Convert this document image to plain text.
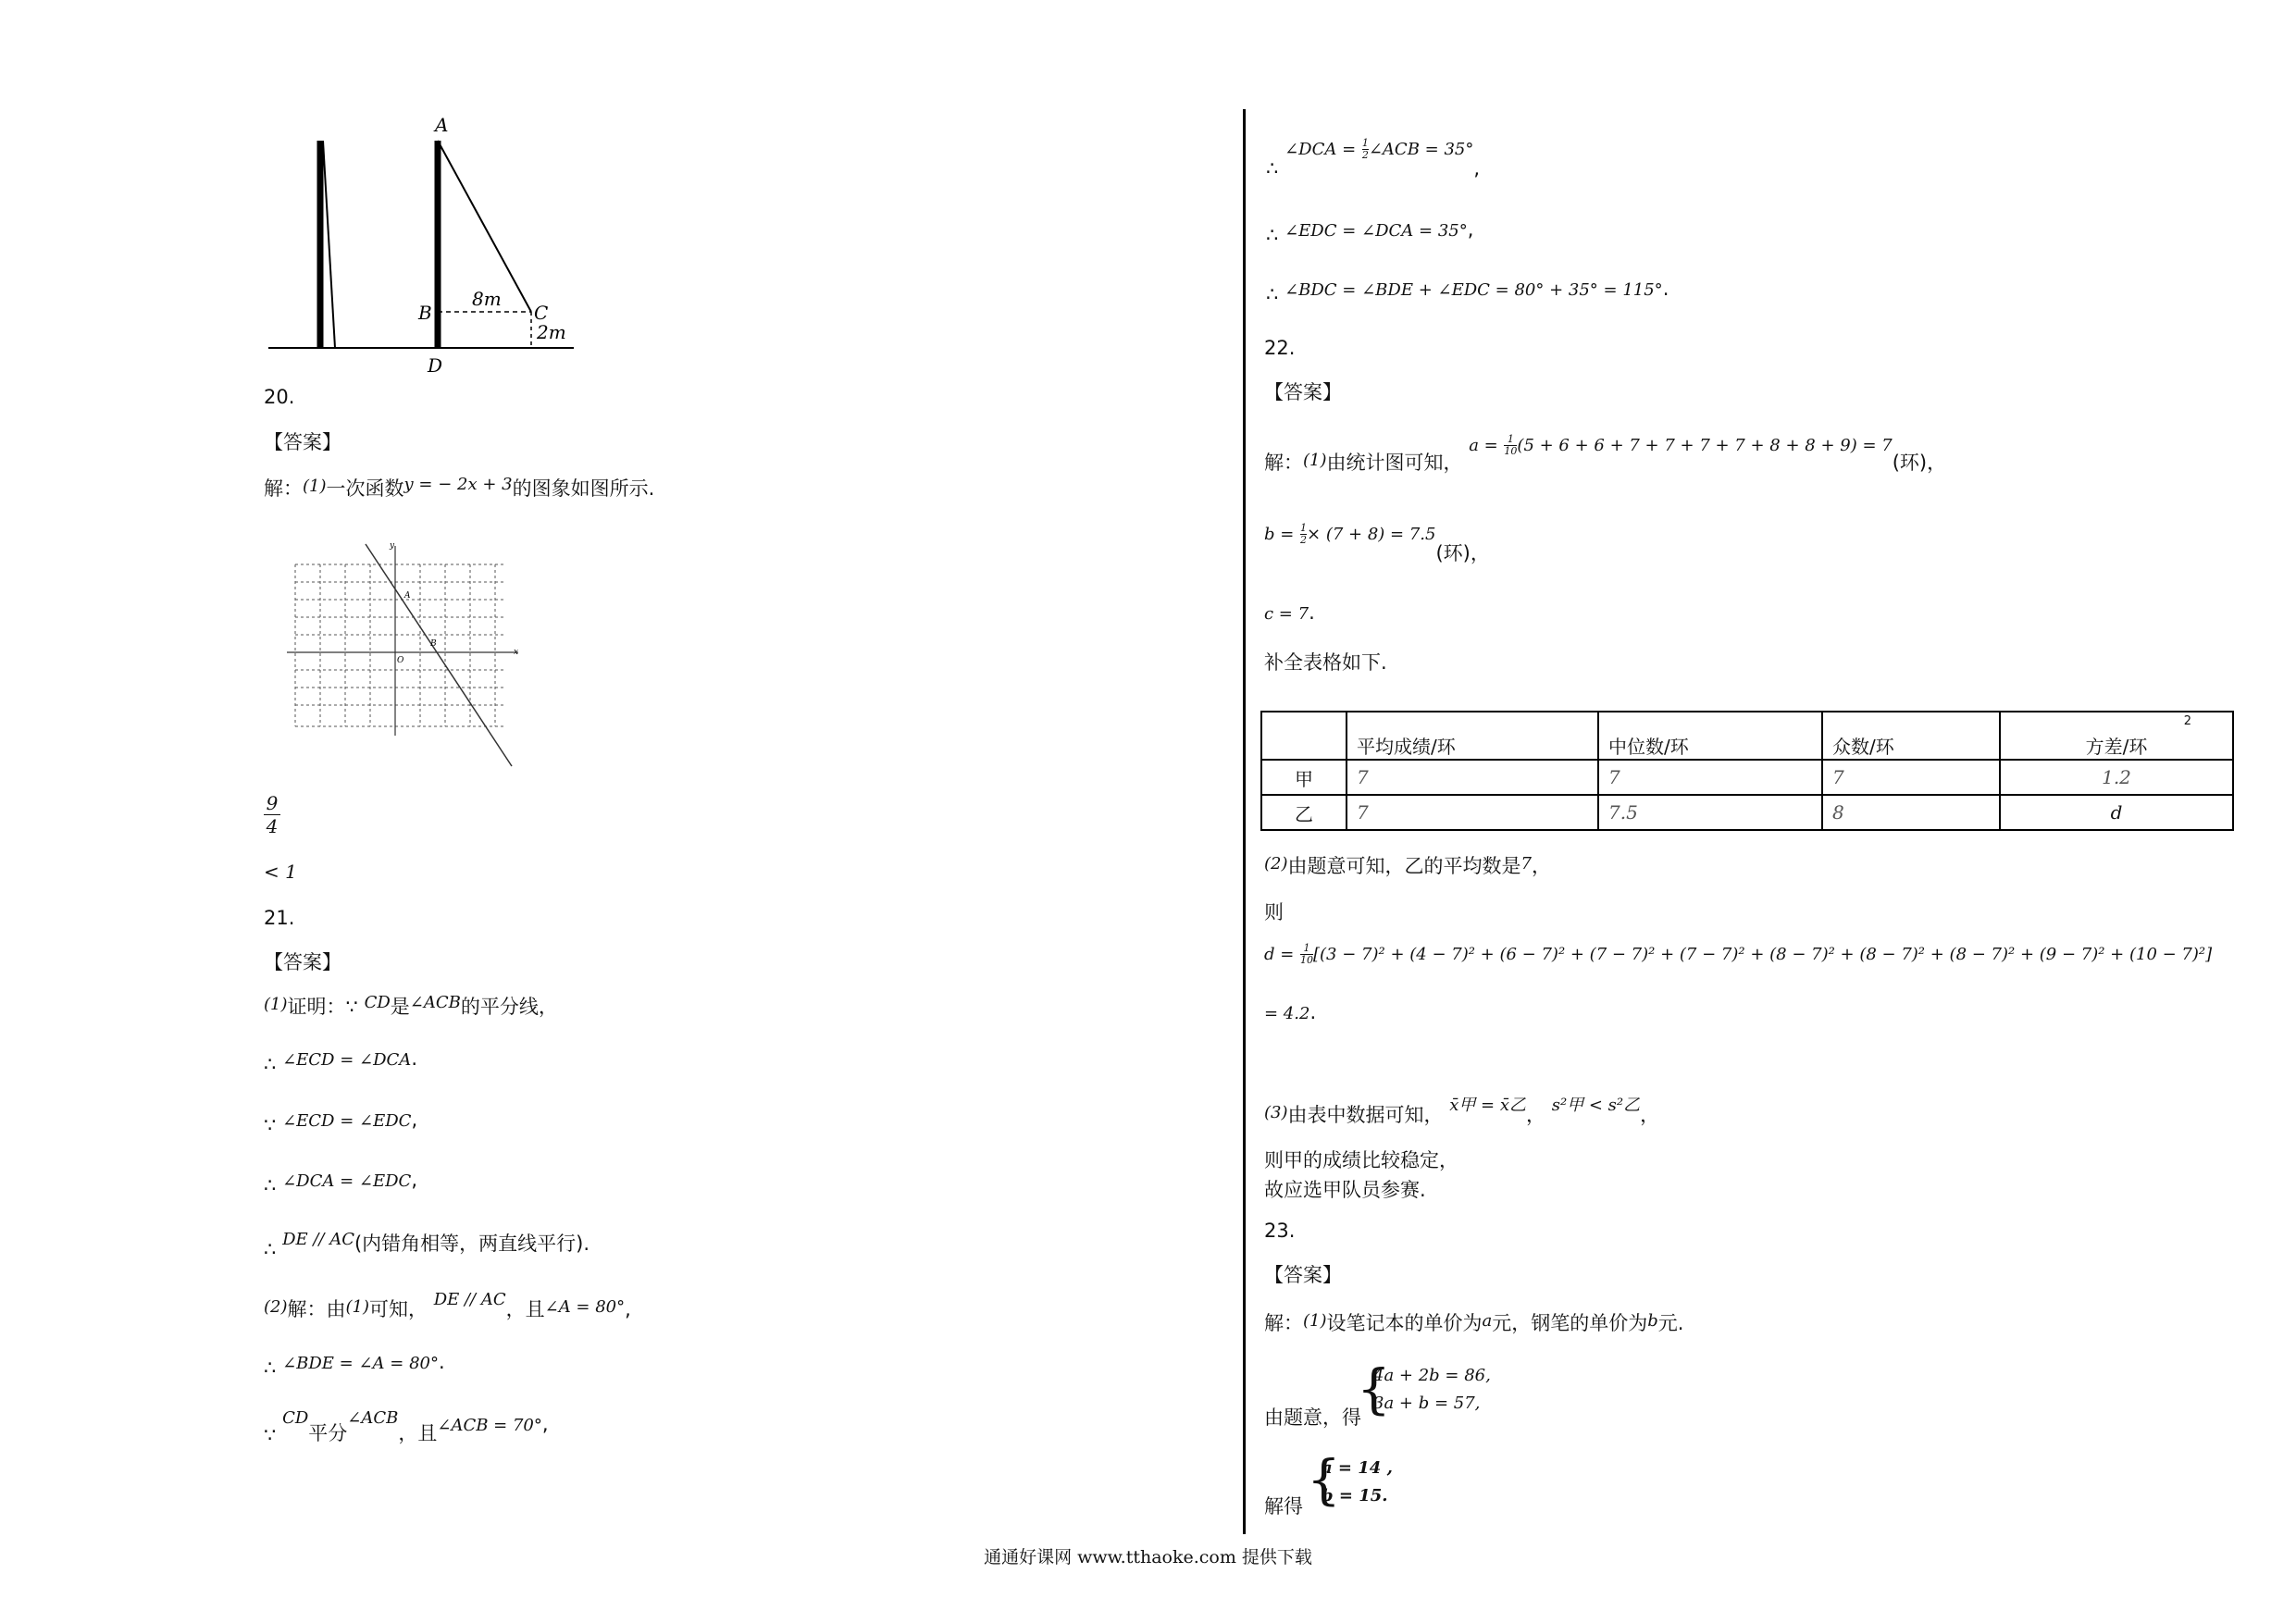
A
B
8m
C
2m
D
20.
【答案】
解：(1)一次函数y = − 2x + 3的图象如图所示.
y
x
O
A
B
9
4
< 1
21.
【答案】
(1)证明：∵ CD是∠ACB的平分线，
∴ ∠ECD = ∠DCA.
∵ ∠ECD = ∠EDC,
∴ ∠DCA = ∠EDC,
∴ DE // AC(内错角相等，两直线平行).
(2)解：由(1)可知， DE // AC，且∠A = 80°,
∴ ∠BDE = ∠A = 80°.
∵ CD平分∠ACB，且∠ACB = 70°,
∴ ∠DCA = $\frac{1}{2}$ ∠ACB = 35°,
∴ ∠EDC = ∠DCA = 35°,
∴ ∠BDC = ∠BDE + ∠EDC = 80° + 35° = 115°.
22.
【答案】
解：(1)由统计图可知， $a = \frac{1}{10} (5 + 6 + 6 + 7 + 7 + 7 + 7 + 8 + 8 + 9) = 7$(环)，
$b = \frac{1}{2} \times (7 + 8) = 7.5$(环)，
c = 7.
补全表格如下.
	平均成绩/环	中位数/环	众数/环	方差/环
2

甲	7	7	7	1.2
乙	7	7.5	8	d
(2)由题意可知，乙的平均数是7，
则
$d = \frac{1}{10} [(3 - 7)^2 + (4 - 7)^2 + (6 - 7)^2 + (7 - 7)^2 + (7 - 7)^2 + (8 - 7)^2 + (8 - 7)^2 + (8 - 7)^2 + (9 - 7)^2 + (10 - 7)^2]$
= 4.2.
(3)由表中数据可知， x̄甲 = x̄乙， s²甲 < s²乙，
则甲的成绩比较稳定，
故应选甲队员参赛.
23.
【答案】
解：(1)设笔记本的单价为a元，钢笔的单价为b元.
由题意，得
{
4a + 2b = 86,
3a + b = 57,
解得 {
a = 14 ,
b = 15.
通通好课网 www.tthaoke.com 提供下载
